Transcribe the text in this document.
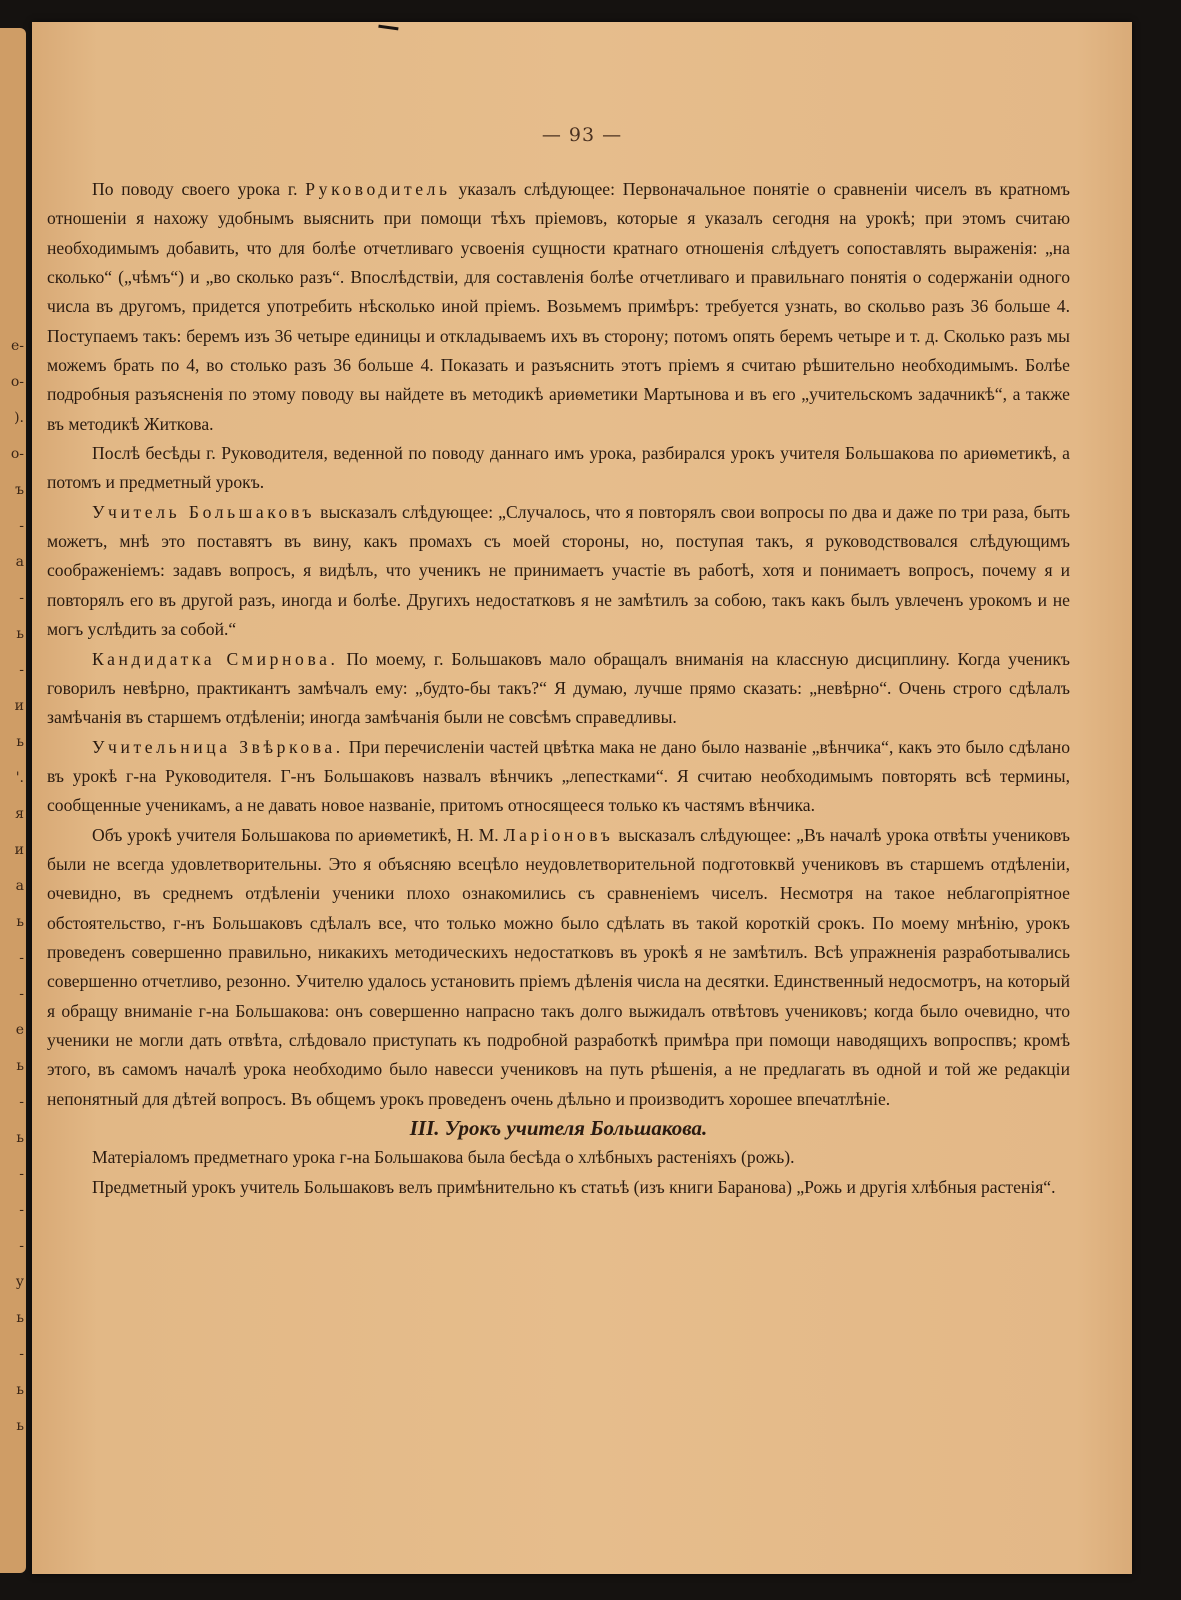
е-
о-
).
о-
ъ
-
а
-
ь
-
и
ь
'.
я
и
а
ь
-
-
е
ь
-
ь
-
-
-
у
ь
-
ь
ь
— 93 —

По поводу своего урока г. Руководитель указалъ слѣдующее: Первоначальное понятіе о сравненіи чиселъ въ кратномъ отношеніи я нахожу удобнымъ выяснить при помощи тѣхъ пріемовъ, которые я указалъ сегодня на урокѣ; при этомъ считаю необходимымъ добавить, что для болѣе отчетливаго усвоенія сущности кратнаго отношенія слѣдуетъ сопоставлять выраженія: „на сколько“ („чѣмъ“) и „во сколько разъ“. Впослѣдствіи, для составленія болѣе отчетливаго и правильнаго понятія о содержаніи одного числа въ другомъ, придется употребить нѣсколько иной пріемъ. Возьмемъ примѣръ: требуется узнать, во скольво разъ 36 больше 4. Поступаемъ такъ: беремъ изъ 36 четыре единицы и откладываемъ ихъ въ сторону; потомъ опять беремъ четыре и т. д. Сколько разъ мы можемъ брать по 4, во столько разъ 36 больше 4. Показать и разъяснить этотъ пріемъ я считаю рѣшительно необходимымъ. Болѣе подробныя разъясненія по этому поводу вы найдете въ методикѣ ариѳметики Мартынова и въ его „учительскомъ задачникѣ“, а также въ методикѣ Житкова.

Послѣ бесѣды г. Руководителя, веденной по поводу даннаго имъ урока, разбирался урокъ учителя Большакова по ариѳметикѣ, а потомъ и предметный урокъ.

Учитель Большаковъ высказалъ слѣдующее: „Случалось, что я повторялъ свои вопросы по два и даже по три раза, быть можетъ, мнѣ это поставятъ въ вину, какъ промахъ съ моей стороны, но, поступая такъ, я руководствовался слѣдующимъ соображеніемъ: задавъ вопросъ, я видѣлъ, что ученикъ не принимаетъ участіе въ работѣ, хотя и понимаетъ вопросъ, почему я и повторялъ его въ другой разъ, иногда и болѣе. Другихъ недостатковъ я не замѣтилъ за собою, такъ какъ былъ увлеченъ урокомъ и не могъ услѣдить за собой.“

Кандидатка Смирнова. По моему, г. Большаковъ мало обращалъ вниманія на классную дисциплину. Когда ученикъ говорилъ невѣрно, практикантъ замѣчалъ ему: „будто-бы такъ?“ Я думаю, лучше прямо сказать: „невѣрно“. Очень строго сдѣлалъ замѣчанія въ старшемъ отдѣленіи; иногда замѣчанія были не совсѣмъ справедливы.

Учительница Звѣркова. При перечисленіи частей цвѣтка мака не дано было названіе „вѣнчика“, какъ это было сдѣлано въ урокѣ г-на Руководителя. Г-нъ Большаковъ назвалъ вѣнчикъ „лепестками“. Я считаю необходимымъ повторять всѣ термины, сообщенные ученикамъ, а не давать новое названіе, притомъ относящееся только къ частямъ вѣнчика.

Объ урокѣ учителя Большакова по ариѳметикѣ, Н. М. Ларіоновъ высказалъ слѣдующее: „Въ началѣ урока отвѣты учениковъ были не всегда удовлетворительны. Это я объясняю всецѣло неудовлетворительной подготовквй учениковъ въ старшемъ отдѣленіи, очевидно, въ среднемъ отдѣленіи ученики плохо ознакомились съ сравненіемъ чиселъ. Несмотря на такое неблагопріятное обстоятельство, г-нъ Большаковъ сдѣлалъ все, что только можно было сдѣлать въ такой короткій срокъ. По моему мнѣнію, урокъ проведенъ совершенно правильно, никакихъ методическихъ недостатковъ въ урокѣ я не замѣтилъ. Всѣ упражненія разработывались совершенно отчетливо, резонно. Учителю удалось установить пріемъ дѣленія числа на десятки. Единственный недосмотръ, на который я обращу вниманіе г-на Большакова: онъ совершенно напрасно такъ долго выжидалъ отвѣтовъ учениковъ; когда было очевидно, что ученики не могли дать отвѣта, слѣдовало приступать къ подробной разработкѣ примѣра при помощи наводящихъ вопроспвъ; кромѣ этого, въ самомъ началѣ урока необходимо было навесси учениковъ на путь рѣшенія, а не предлагать въ одной и той же редакціи непонятный для дѣтей вопросъ. Въ общемъ урокъ проведенъ очень дѣльно и производитъ хорошее впечатлѣніе.

III. Урокъ учителя Большакова.

Матеріаломъ предметнаго урока г-на Большакова была бесѣда о хлѣбныхъ растеніяхъ (рожь).

Предметный урокъ учитель Большаковъ велъ примѣнительно къ статьѣ (изъ книги Баранова) „Рожь и другія хлѣбныя растенія“.
